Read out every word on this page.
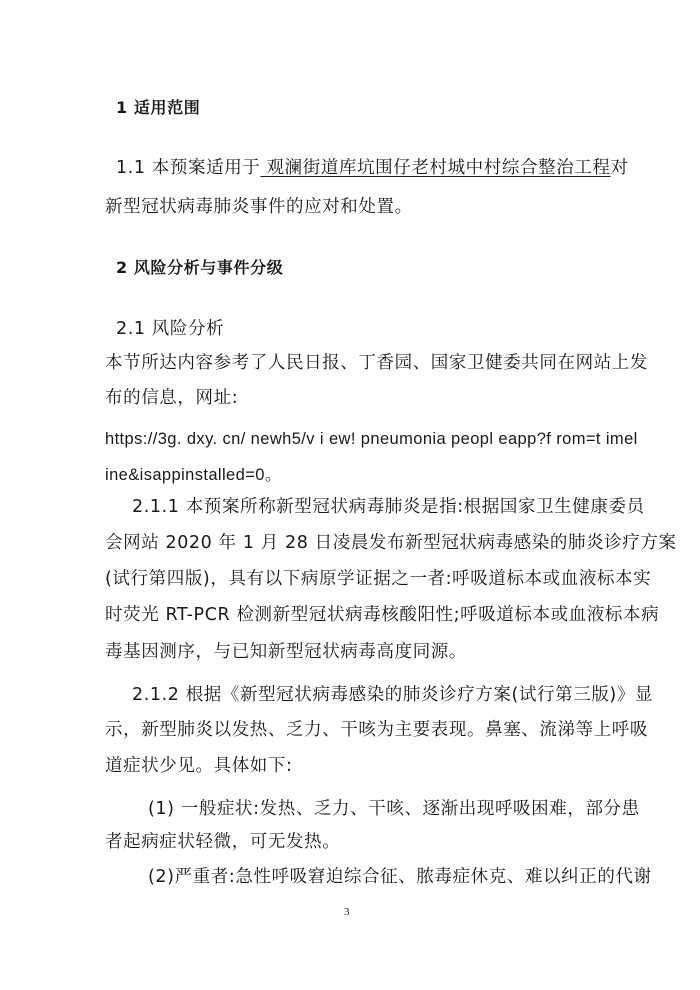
1 适用范围
1.1 本预案适用于 观澜街道库坑围仔老村城中村综合整治工程对
新型冠状病毒肺炎事件的应对和处置。
2 风险分析与事件分级
2.1 风险分析
本节所达内容参考了人民日报、丁香园、国家卫健委共同在网站上发
布的信息，网址:
https://3g. dxy. cn/ newh5/v i ew! pneumonia peopl eapp?f rom=t imel
ine&isappinstalled=0。
2.1.1 本预案所称新型冠状病毒肺炎是指:根据国家卫生健康委员
会网站 2020 年 1 月 28 日凌晨发布新型冠状病毒感染的肺炎诊疗方案
(试行第四版)，具有以下病原学证据之一者:呼吸道标本或血液标本实
时荧光 RT-PCR 检测新型冠状病毒核酸阳性;呼吸道标本或血液标本病
毒基因测序，与已知新型冠状病毒高度同源。
2.1.2 根据《新型冠状病毒感染的肺炎诊疗方案(试行第三版)》显
示，新型肺炎以发热、乏力、干咳为主要表现。鼻塞、流涕等上呼吸
道症状少见。具体如下:
(1) 一般症状:发热、乏力、干咳、逐渐出现呼吸困难，部分患
者起病症状轻微，可无发热。
(2)严重者:急性呼吸窘迫综合征、脓毒症休克、难以纠正的代谢
3
